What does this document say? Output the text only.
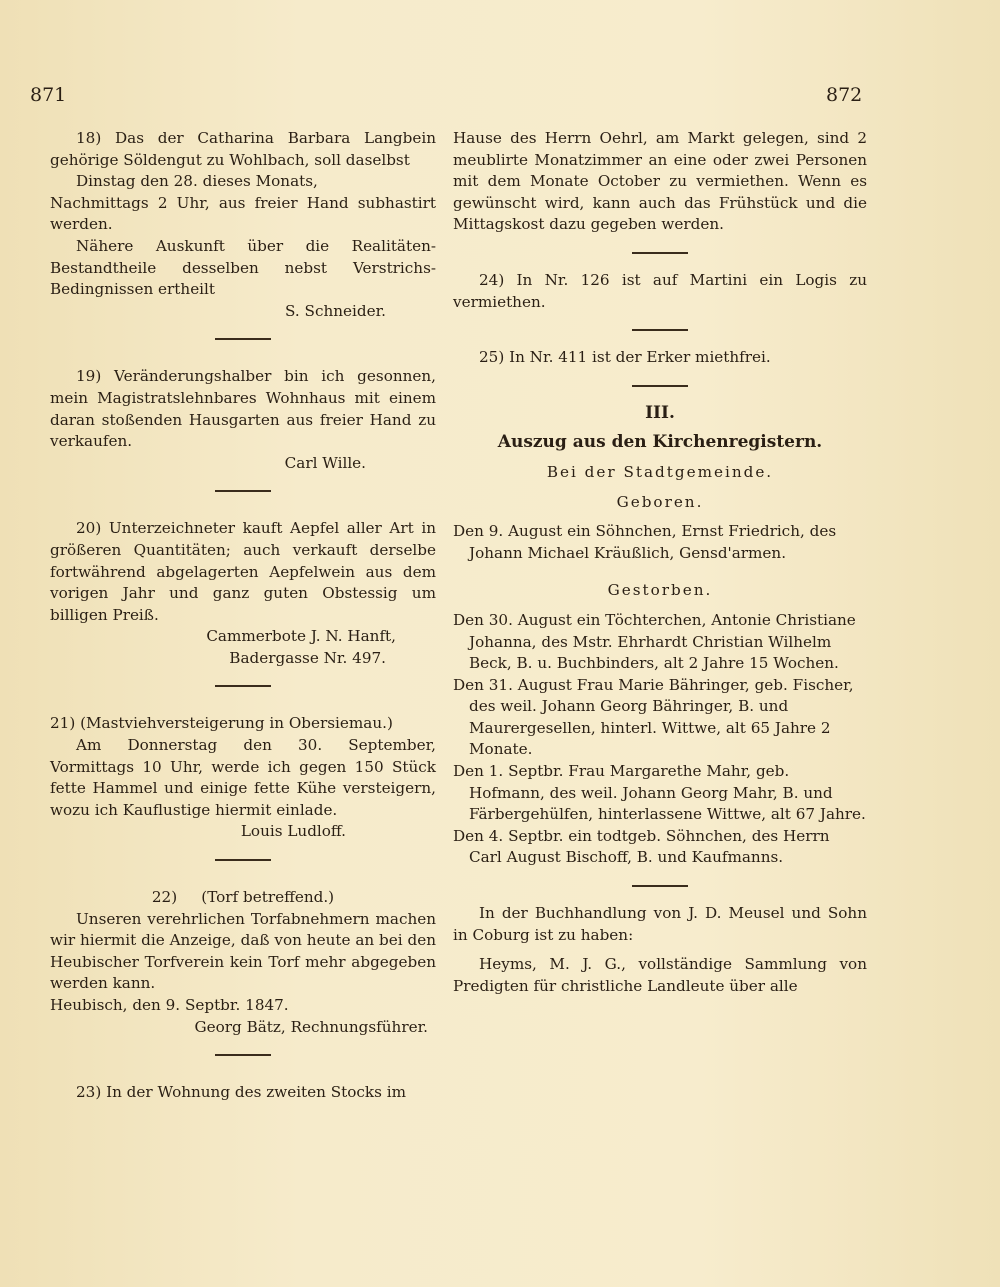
871	872

18) Das der Catharina Barbara Langbein gehörige Söldengut zu Wohlbach, soll daselbst

Dinstag den 28. dieses Monats,

Nachmittags 2 Uhr, aus freier Hand subhastirt werden.

Nähere Auskunft über die Realitäten-Bestandtheile desselben nebst Verstrichs-Bedingnissen ertheilt

S. Schneider.

19) Veränderungshalber bin ich gesonnen, mein Magistratslehnbares Wohnhaus mit einem daran stoßenden Hausgarten aus freier Hand zu verkaufen.

Carl Wille.

20) Unterzeichneter kauft Aepfel aller Art in größeren Quantitäten; auch verkauft derselbe fortwährend abgelagerten Aepfelwein aus dem vorigen Jahr und ganz guten Obstessig um billigen Preiß.

Cammerbote J. N. Hanft,

Badergasse Nr. 497.

21) (Mastviehversteigerung in Obersiemau.)

Am Donnerstag den 30. September, Vormittags 10 Uhr, werde ich gegen 150 Stück fette Hammel und einige fette Kühe versteigern, wozu ich Kauflustige hiermit einlade.

Louis Ludloff.

22) (Torf betreffend.)

Unseren verehrlichen Torfabnehmern machen wir hiermit die Anzeige, daß von heute an bei den Heubischer Torfverein kein Torf mehr abgegeben werden kann.

Heubisch, den 9. Septbr. 1847.

Georg Bätz, Rechnungsführer.

23) In der Wohnung des zweiten Stocks im

Hause des Herrn Oehrl, am Markt gelegen, sind 2 meublirte Monatzimmer an eine oder zwei Personen mit dem Monate October zu vermiethen. Wenn es gewünscht wird, kann auch das Frühstück und die Mittagskost dazu gegeben werden.

24) In Nr. 126 ist auf Martini ein Logis zu vermiethen.

25) In Nr. 411 ist der Erker miethfrei.

III.

Auszug aus den Kirchenregistern.

Bei der Stadtgemeinde.

Geboren.

Den 9. August ein Söhnchen, Ernst Friedrich, des Johann Michael Kräußlich, Gensd'armen.

Gestorben.

Den 30. August ein Töchterchen, Antonie Christiane Johanna, des Mstr. Ehrhardt Christian Wilhelm Beck, B. u. Buchbinders, alt 2 Jahre 15 Wochen.

Den 31. August Frau Marie Bähringer, geb. Fischer, des weil. Johann Georg Bähringer, B. und Maurergesellen, hinterl. Wittwe, alt 65 Jahre 2 Monate.

Den 1. Septbr. Frau Margarethe Mahr, geb. Hofmann, des weil. Johann Georg Mahr, B. und Färbergehülfen, hinterlassene Wittwe, alt 67 Jahre.

Den 4. Septbr. ein todtgeb. Söhnchen, des Herrn Carl August Bischoff, B. und Kaufmanns.

In der Buchhandlung von J. D. Meusel und Sohn in Coburg ist zu haben:

Heyms, M. J. G., vollständige Sammlung von Predigten für christliche Landleute über alle
